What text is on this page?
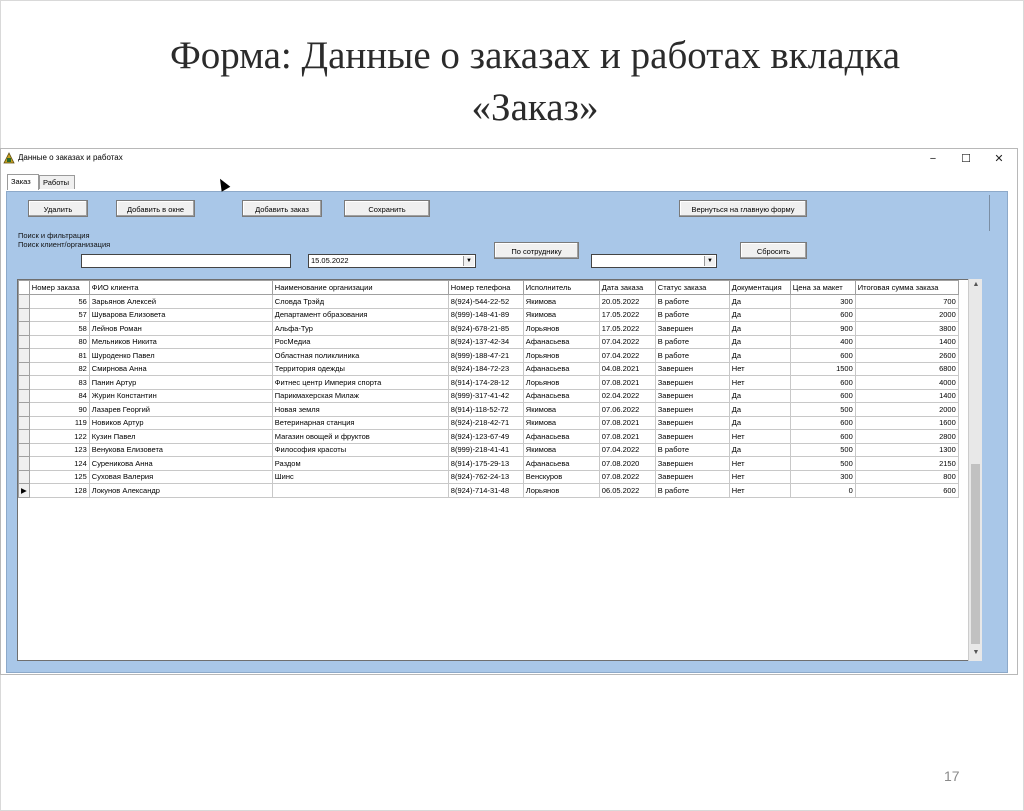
Форма: Данные о заказах и работах вкладка
«Заказ»
Данные о заказах и работах	−	☐	✕
Заказ	Работы
Удалить	Добавить в окне	Добавить заказ	Сохранить	Вернуться на главную форму
Поиск и фильтрация
Поиск клиент/организация
15.05.2022	▼
По сотруднику
▼
Сбросить
	Номер заказа	ФИО клиента	Наименование организации	Номер телефона	Исполнитель	Дата заказа	Статус заказа	Документация	Цена за макет	Итоговая сумма заказа
	56	Зарьянов Алексей	Словда Трэйд	8(924)-544-22-52	Якимова	20.05.2022	В работе	Да	300	700
	57	Шуварова Елизовета	Департамент образования	8(999)-148-41-89	Якимова	17.05.2022	В работе	Да	600	2000
	58	Лейнов Роман	Альфа-Тур	8(924)-678-21-85	Лорьянов	17.05.2022	Завершен	Да	900	3800
	80	Мельников Никита	РосМедиа	8(924)-137-42-34	Афанасьева	07.04.2022	В работе	Да	400	1400
	81	Шуроденко Павел	Областная поликлиника	8(999)-188-47-21	Лорьянов	07.04.2022	В работе	Да	600	2600
	82	Смирнова Анна	Территория одежды	8(924)-184-72-23	Афанасьева	04.08.2021	Завершен	Нет	1500	6800
	83	Панин Артур	Фитнес центр Империя спорта	8(914)-174-28-12	Лорьянов	07.08.2021	Завершен	Нет	600	4000
	84	Журин Константин	Парикмахерская Милаж	8(999)-317-41-42	Афанасьева	02.04.2022	Завершен	Да	600	1400
	90	Лазарев Георгий	Новая земля	8(914)-118-52-72	Якимова	07.06.2022	Завершен	Да	500	2000
	119	Новиков Артур	Ветеринарная станция	8(924)-218-42-71	Якимова	07.08.2021	Завершен	Да	600	1600
	122	Кузин Павел	Магазин овощей и фруктов	8(924)-123-67-49	Афанасьева	07.08.2021	Завершен	Нет	600	2800
	123	Венукова Елизовета	Философия красоты	8(999)-218-41-41	Якимова	07.04.2022	В работе	Да	500	1300
	124	Суреникова Анна	Раздом	8(914)-175-29-13	Афанасьева	07.08.2020	Завершен	Нет	500	2150
	125	Суховая Валерия	Шинс	8(924)-762-24-13	Венскуров	07.08.2022	Завершен	Нет	300	800
▶	128	Локунов Александр		8(924)-714-31-48	Лорьянов	06.05.2022	В работе	Нет	0	600
▲
▼
17
